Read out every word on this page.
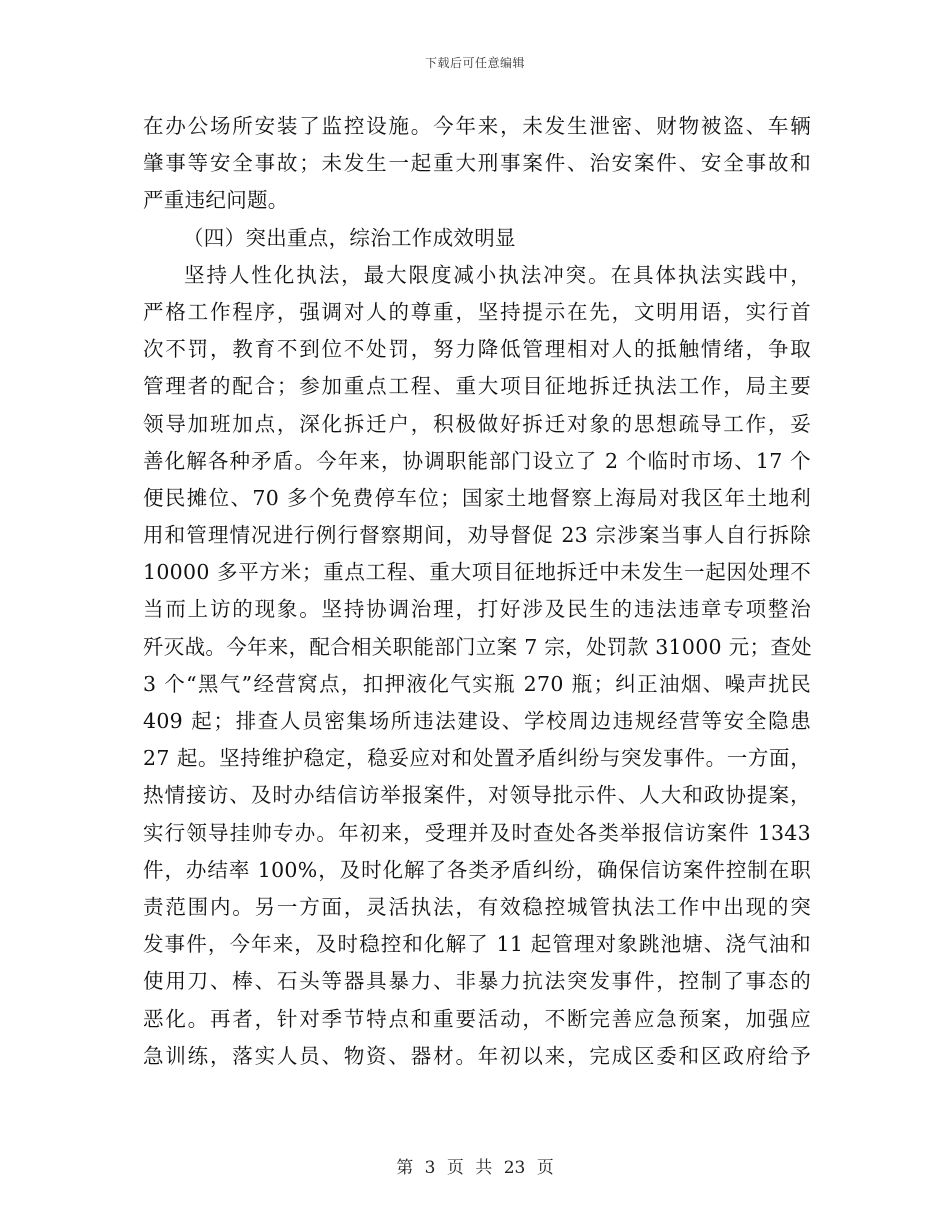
下载后可任意编辑
在办公场所安装了监控设施。今年来，未发生泄密、财物被盗、车辆
肇事等安全事故；未发生一起重大刑事案件、治安案件、安全事故和
严重违纪问题。
（四）突出重点，综治工作成效明显
坚持人性化执法，最大限度减小执法冲突。在具体执法实践中，
严格工作程序，强调对人的尊重，坚持提示在先，文明用语，实行首
次不罚，教育不到位不处罚，努力降低管理相对人的抵触情绪，争取
管理者的配合；参加重点工程、重大项目征地拆迁执法工作，局主要
领导加班加点，深化拆迁户，积极做好拆迁对象的思想疏导工作，妥
善化解各种矛盾。今年来，协调职能部门设立了 2 个临时市场、17 个
便民摊位、70 多个免费停车位；国家土地督察上海局对我区年土地利
用和管理情况进行例行督察期间，劝导督促 23 宗涉案当事人自行拆除
10000 多平方米；重点工程、重大项目征地拆迁中未发生一起因处理不
当而上访的现象。坚持协调治理，打好涉及民生的违法违章专项整治
歼灭战。今年来，配合相关职能部门立案 7 宗，处罚款 31000 元；查处
3 个“黑气”经营窝点，扣押液化气实瓶 270 瓶；纠正油烟、噪声扰民
409 起；排查人员密集场所违法建设、学校周边违规经营等安全隐患
27 起。坚持维护稳定，稳妥应对和处置矛盾纠纷与突发事件。一方面，
热情接访、及时办结信访举报案件，对领导批示件、人大和政协提案，
实行领导挂帅专办。年初来，受理并及时查处各类举报信访案件 1343
件，办结率 100%，及时化解了各类矛盾纠纷，确保信访案件控制在职
责范围内。另一方面，灵活执法，有效稳控城管执法工作中出现的突
发事件，今年来，及时稳控和化解了 11 起管理对象跳池塘、浇气油和
使用刀、棒、石头等器具暴力、非暴力抗法突发事件，控制了事态的
恶化。再者，针对季节特点和重要活动，不断完善应急预案，加强应
急训练，落实人员、物资、器材。年初以来，完成区委和区政府给予
第 3 页 共 23 页
